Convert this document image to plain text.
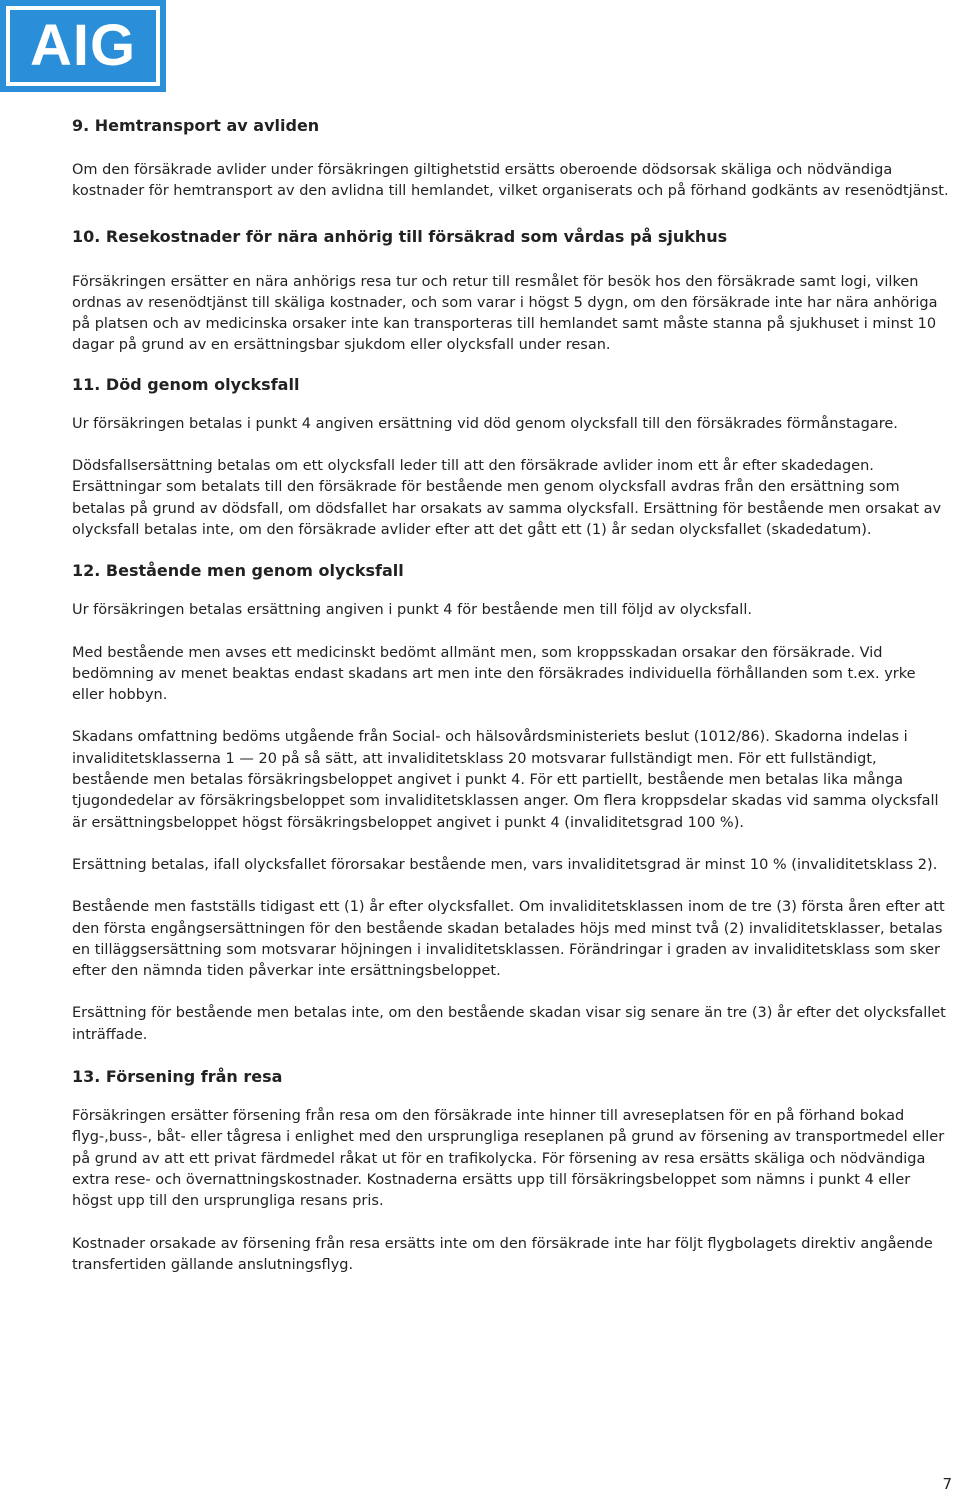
AIG
9. Hemtransport av avliden

Om den försäkrade avlider under försäkringen giltighetstid ersätts oberoende dödsorsak skäliga och nödvändiga kostnader för hemtransport av den avlidna till hemlandet, vilket organiserats och på förhand godkänts av resenödtjänst.

10. Resekostnader för nära anhörig till försäkrad som vårdas på sjukhus

Försäkringen ersätter en nära anhörigs resa tur och retur till resmålet för besök hos den försäkrade samt logi, vilken ordnas av resenödtjänst till skäliga kostnader, och som varar i högst 5 dygn, om den försäkrade inte har nära anhöriga på platsen och av medicinska orsaker inte kan transporteras till hemlandet samt måste stanna på sjukhuset i minst 10 dagar på grund av en ersättningsbar sjukdom eller olycksfall under resan.

11. Död genom olycksfall

Ur försäkringen betalas i punkt 4 angiven ersättning vid död genom olycksfall till den försäkrades förmånstagare.

Dödsfallsersättning betalas om ett olycksfall leder till att den försäkrade avlider inom ett år efter skadedagen. Ersättningar som betalats till den försäkrade för bestående men genom olycksfall avdras från den ersättning som betalas på grund av dödsfall, om dödsfallet har orsakats av samma olycksfall. Ersättning för bestående men orsakat av olycksfall betalas inte, om den försäkrade avlider efter att det gått ett (1) år sedan olycksfallet (skadedatum).

12. Bestående men genom olycksfall

Ur försäkringen betalas ersättning angiven i punkt 4 för bestående men till följd av olycksfall.

Med bestående men avses ett medicinskt bedömt allmänt men, som kroppsskadan orsakar den försäkrade. Vid bedömning av menet beaktas endast skadans art men inte den försäkrades individuella förhållanden som t.ex. yrke eller hobbyn.

Skadans omfattning bedöms utgående från Social- och hälsovårdsministeriets beslut (1012/86). Skadorna indelas i invaliditetsklasserna 1 — 20 på så sätt, att invaliditetsklass 20 motsvarar fullständigt men. För ett fullständigt, bestående men betalas försäkringsbeloppet angivet i punkt 4. För ett partiellt, bestående men betalas lika många tjugondedelar av försäkringsbeloppet som invaliditetsklassen anger. Om flera kroppsdelar skadas vid samma olycksfall är ersättningsbeloppet högst försäkringsbeloppet angivet i punkt 4 (invaliditetsgrad 100 %).

Ersättning betalas, ifall olycksfallet förorsakar bestående men, vars invaliditetsgrad är minst 10 % (invaliditetsklass 2).

Bestående men fastställs tidigast ett (1) år efter olycksfallet. Om invaliditetsklassen inom de tre (3) första åren efter att den första engångsersättningen för den bestående skadan betalades höjs med minst två (2) invaliditetsklasser, betalas en tilläggsersättning som motsvarar höjningen i invaliditetsklassen. Förändringar i graden av invaliditetsklass som sker efter den nämnda tiden påverkar inte ersättningsbeloppet.

Ersättning för bestående men betalas inte, om den bestående skadan visar sig senare än tre (3) år efter det olycksfallet inträffade.

13. Försening från resa

Försäkringen ersätter försening från resa om den försäkrade inte hinner till avreseplatsen för en på förhand bokad flyg-,buss-, båt- eller tågresa i enlighet med den ursprungliga reseplanen på grund av försening av transportmedel eller på grund av att ett privat färdmedel råkat ut för en trafikolycka. För försening av resa ersätts skäliga och nödvändiga extra rese- och övernattningskostnader. Kostnaderna ersätts upp till försäkringsbeloppet som nämns i punkt 4 eller högst upp till den ursprungliga resans pris.

Kostnader orsakade av försening från resa ersätts inte om den försäkrade inte har följt flygbolagets direktiv angående transfertiden gällande anslutningsflyg.

7
